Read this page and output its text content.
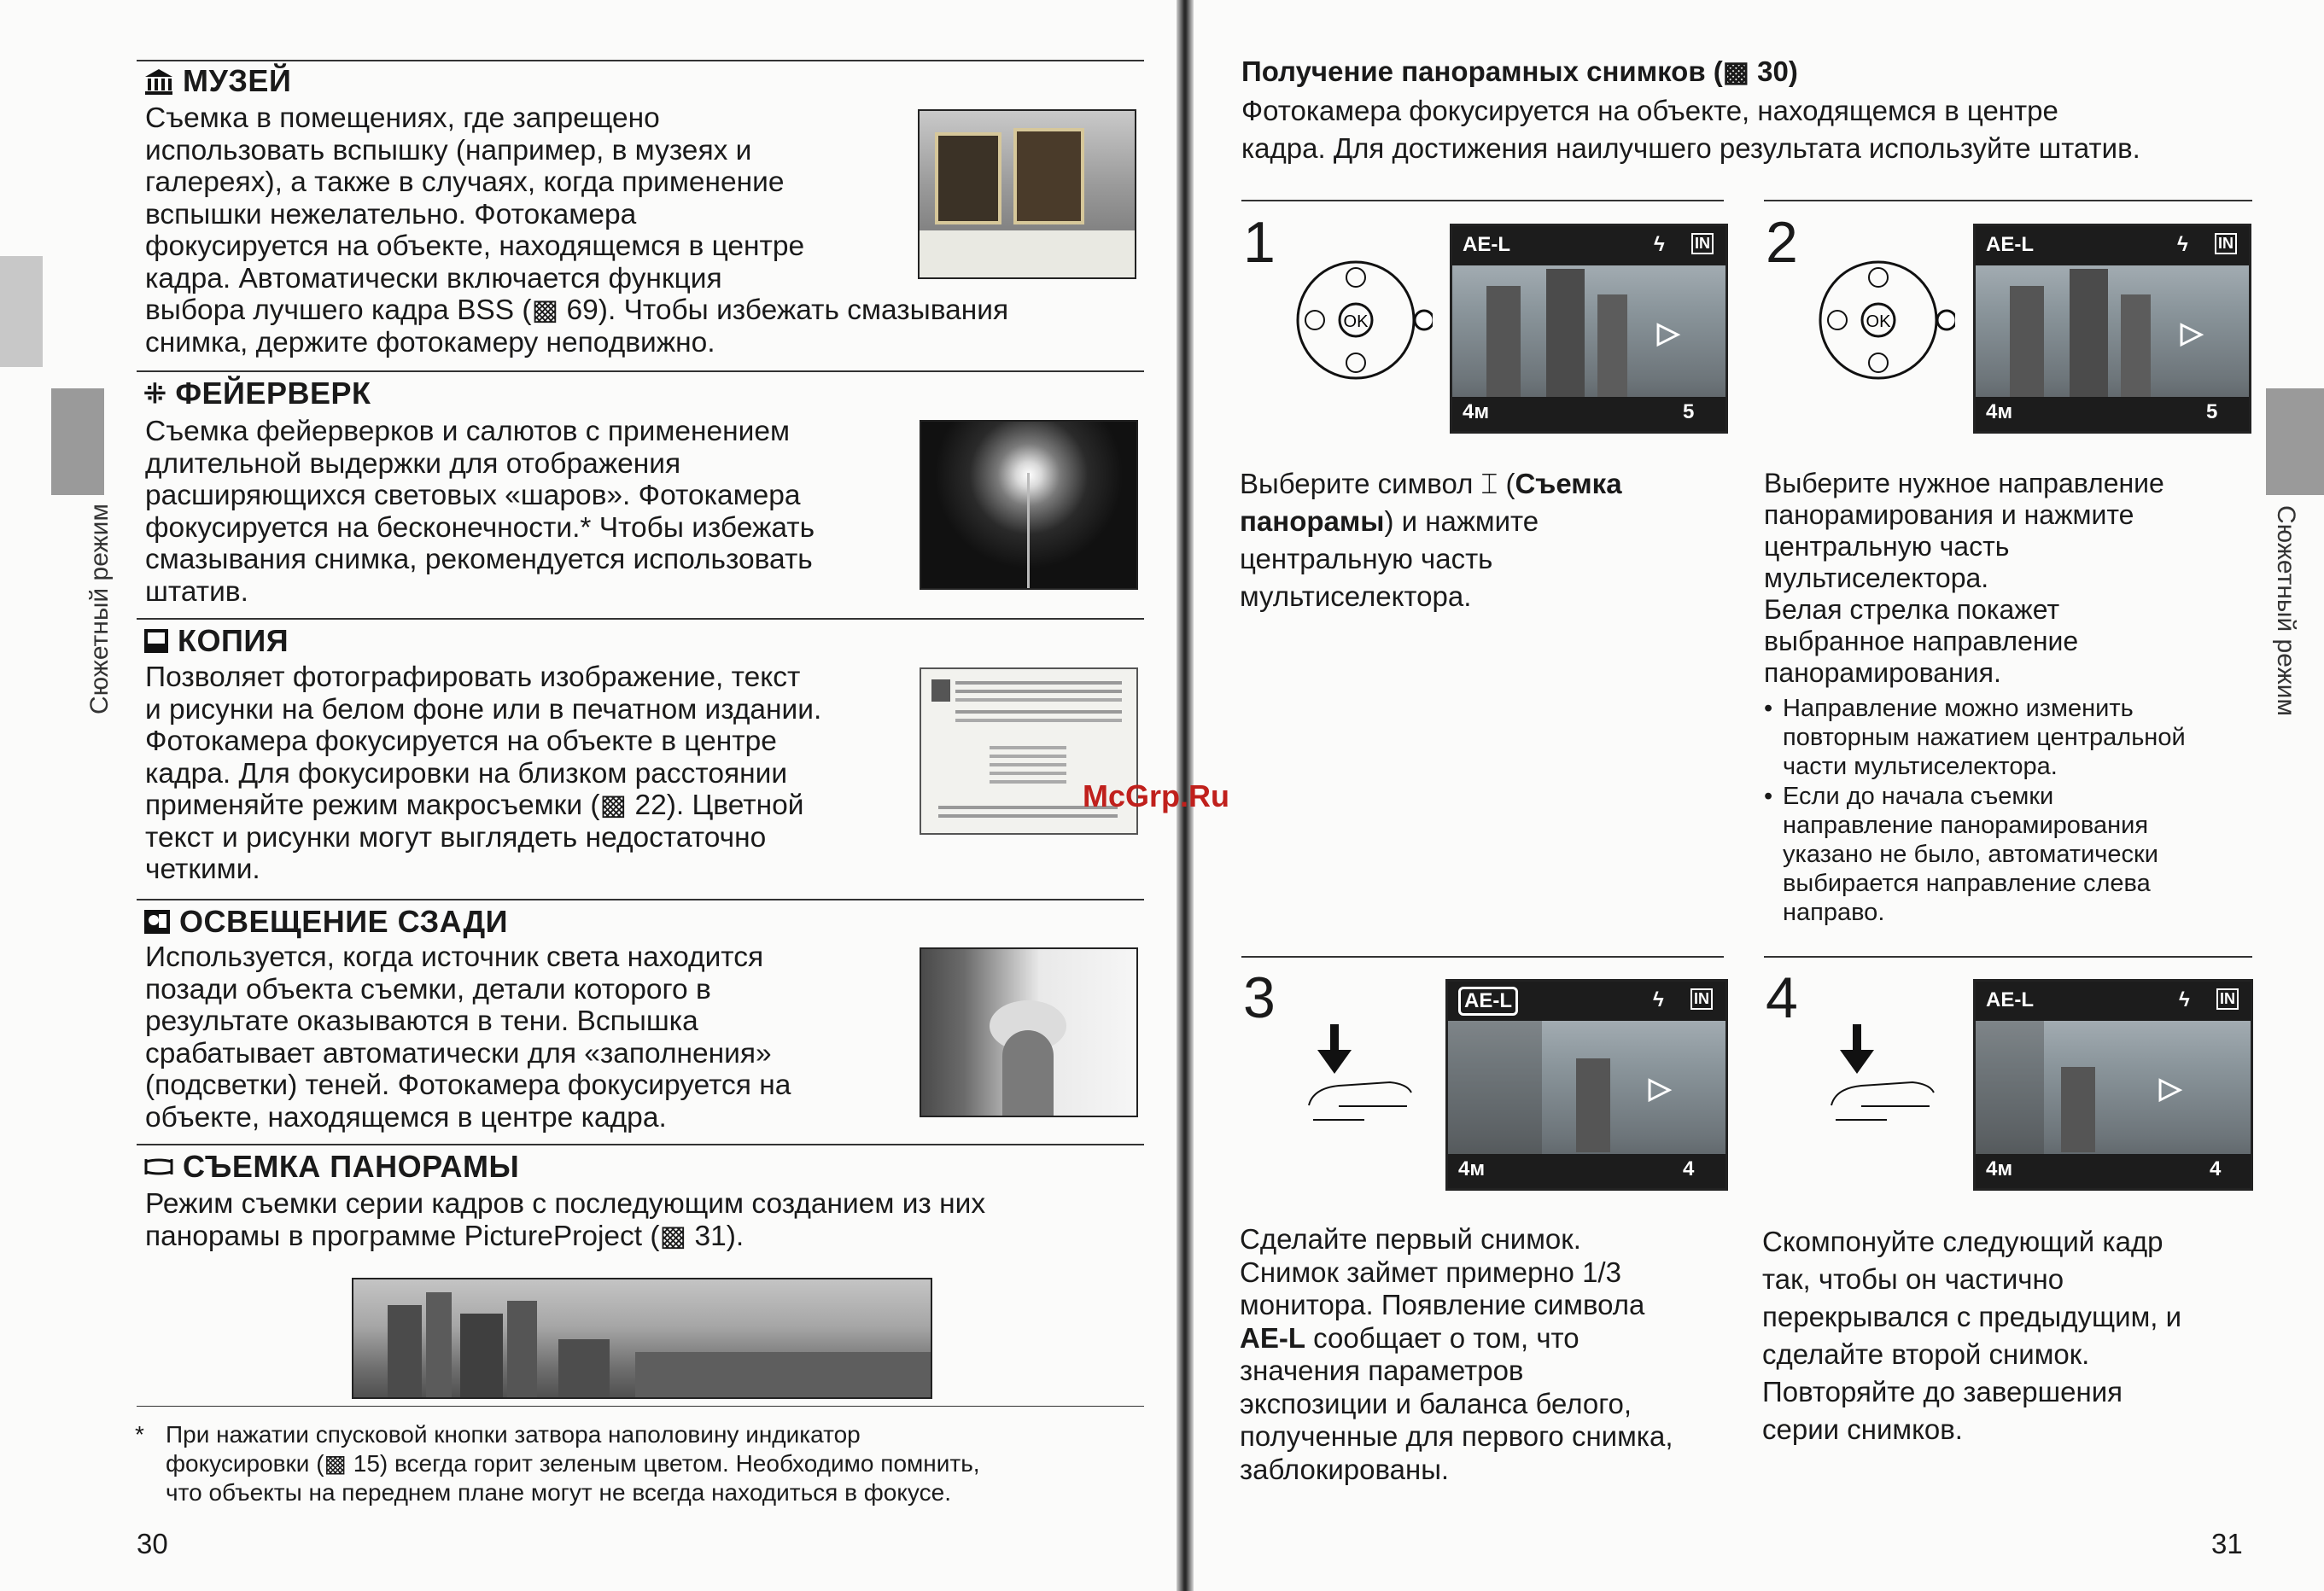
Сюжетный режим
МУЗЕЙ
Съемка в помещениях, где запрещено
использовать вспышку (например, в музеях и
галереях), а также в случаях, когда применение
вспышки нежелательно. Фотокамера
фокусируется на объекте, находящемся в центре
кадра. Автоматически включается функция
выбора лучшего кадра BSS (▩ 69). Чтобы избежать смазывания
снимка, держите фотокамеру неподвижно.
⁜ ФЕЙЕРВЕРК
Съемка фейерверков и салютов с применением
длительной выдержки для отображения
расширяющихся световых «шаров». Фотокамера
фокусируется на бесконечности.* Чтобы избежать
смазывания снимка, рекомендуется использовать
штатив.
КОПИЯ
Позволяет фотографировать изображение, текст
и рисунки на белом фоне или в печатном издании.
Фотокамера фокусируется на объекте в центре
кадра. Для фокусировки на близком расстоянии
применяйте режим макросъемки (▩ 22). Цветной
текст и рисунки могут выглядеть недостаточно
четкими.
ОСВЕЩЕНИЕ СЗАДИ
Используется, когда источник света находится
позади объекта съемки, детали которого в
результате оказываются в тени. Вспышка
срабатывает автоматически для «заполнения»
(подсветки) теней. Фотокамера фокусируется на
объекте, находящемся в центре кадра.
СЪЕМКА ПАНОРАМЫ
Режим съемки серии кадров с последующим созданием из них
панорамы в программе PictureProject (▩ 31).
* При нажатии спусковой кнопки затвора наполовину индикатор
фокусировки (▩ 15) всегда горит зеленым цветом. Необходимо помнить,
что объекты на переднем плане могут не всегда находиться в фокусе.
30
Сюжетный режим
Получение панорамных снимков (▩ 30)
Фотокамера фокусируется на объекте, находящемся в центре
кадра. Для достижения наилучшего результата используйте штатив.
1
OK
AE-L	ϟ IN
▷
4м	5
Выберите символ ⌶ (Съемка
панорамы) и нажмите
центральную часть
мультиселектора.
2
OK
AE-L	ϟ IN
▷
4м	5
Выберите нужное направление
панорамирования и нажмите
центральную часть
мультиселектора.
Белая стрелка покажет
выбранное направление
панорамирования.
• Направление можно изменить
повторным нажатием центральной
части мультиселектора.
• Если до начала съемки
направление панорамирования
указано не было, автоматически
выбирается направление слева
направо.
3	AE-L	ϟ IN
▷
4м	4
Сделайте первый снимок.
Снимок займет примерно 1/3
монитора. Появление символа
AE-L сообщает о том, что
значения параметров
экспозиции и баланса белого,
полученные для первого снимка,
заблокированы.
4	AE-L	ϟ IN
▷
4м	4
Скомпонуйте следующий кадр
так, чтобы он частично
перекрывался с предыдущим, и
сделайте второй снимок.
Повторяйте до завершения
серии снимков.
31
McGrp.Ru
